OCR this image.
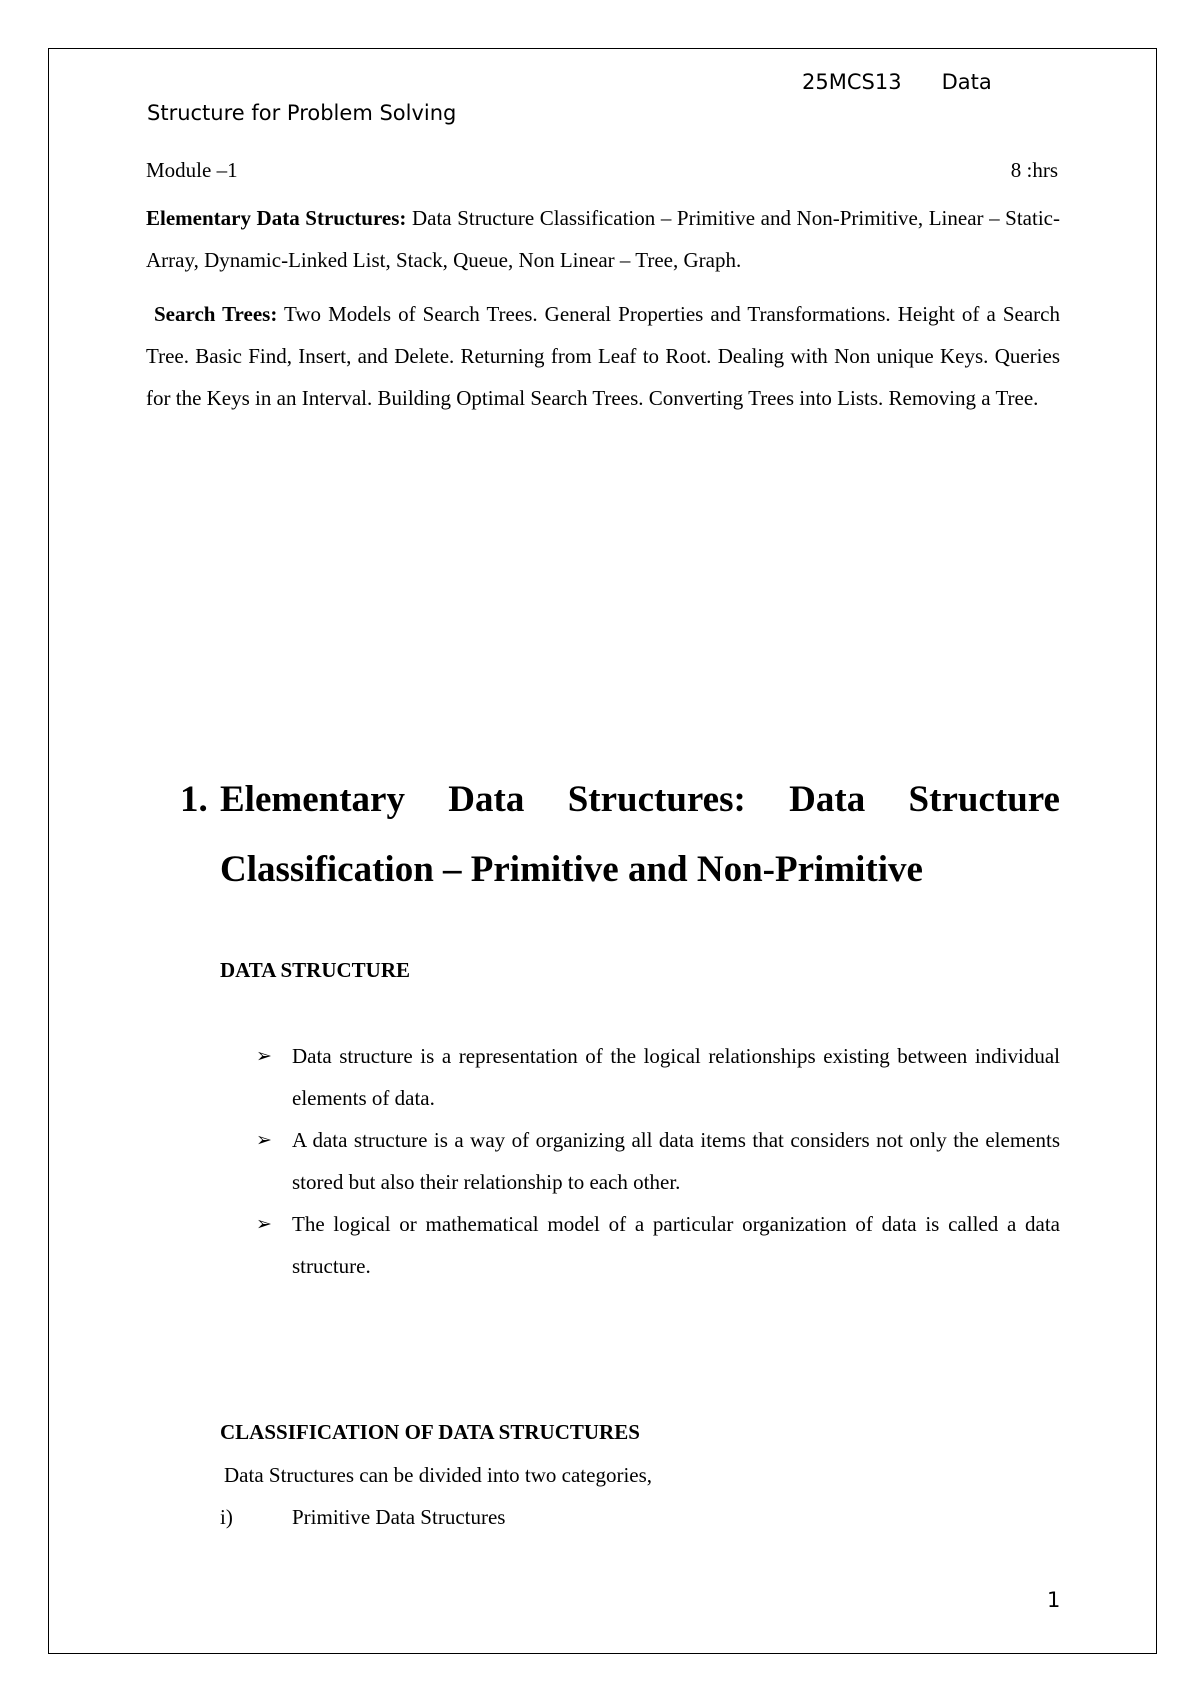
25MCS13      Data
Structure for Problem Solving
Module –1	8 :hrs
Elementary Data Structures: Data Structure Classification – Primitive and Non-Primitive, Linear – Static-Array, Dynamic-Linked List, Stack, Queue, Non Linear – Tree, Graph.
Search Trees: Two Models of Search Trees. General Properties and Transformations. Height of a Search Tree. Basic Find, Insert, and Delete. Returning from Leaf to Root. Dealing with Non unique Keys. Queries for the Keys in an Interval. Building Optimal Search Trees. Converting Trees into Lists. Removing a Tree.
1. Elementary Data Structures: Data Structure
Classification – Primitive and Non-Primitive
DATA STRUCTURE
➢ Data structure is a representation of the logical relationships existing between individual elements of data.
➢ A data structure is a way of organizing all data items that considers not only the elements stored but also their relationship to each other.
➢ The logical or mathematical model of a particular organization of data is called a data structure.
CLASSIFICATION OF DATA STRUCTURES
Data Structures can be divided into two categories,
i)	Primitive Data Structures
1
